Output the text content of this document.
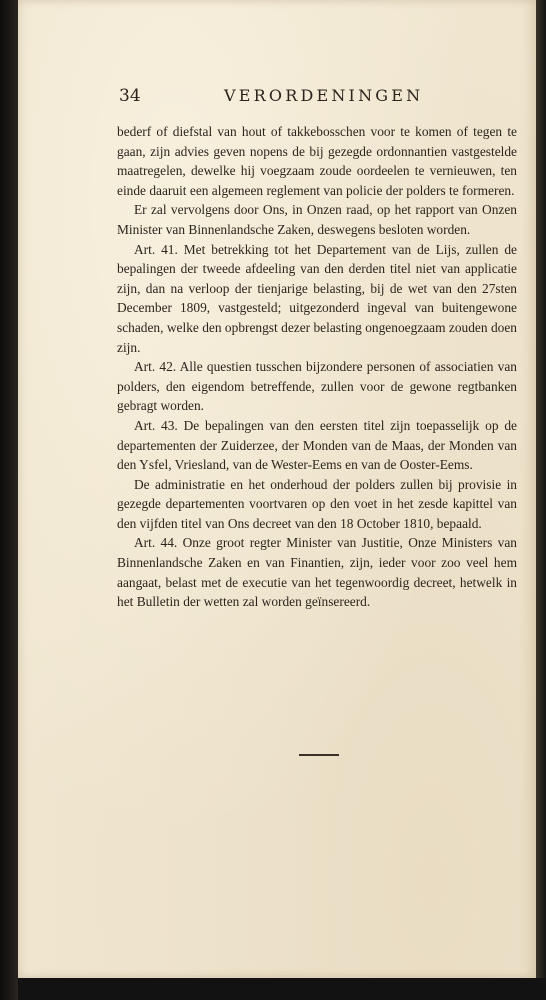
34	VERORDENINGEN

bederf of diefstal van hout of takkebosschen voor te komen of tegen te gaan, zijn advies geven nopens de bij gezegde ordonnantien vastgestelde maatregelen, dewelke hij voegzaam zoude oordeelen te vernieuwen, ten einde daaruit een algemeen reglement van policie der polders te formeren.

Er zal vervolgens door Ons, in Onzen raad, op het rapport van Onzen Minister van Binnenlandsche Zaken, deswegens besloten worden.

Art. 41. Met betrekking tot het Departement van de Lijs, zullen de bepalingen der tweede afdeeling van den derden titel niet van applicatie zijn, dan na verloop der tienjarige belasting, bij de wet van den 27sten December 1809, vastgesteld; uitgezonderd ingeval van buitengewone schaden, welke den opbrengst dezer belasting ongenoegzaam zouden doen zijn.

Art. 42. Alle questien tusschen bijzondere personen of associatien van polders, den eigendom betreffende, zullen voor de gewone regtbanken gebragt worden.

Art. 43. De bepalingen van den eersten titel zijn toepasselijk op de departementen der Zuiderzee, der Monden van de Maas, der Monden van den Ysfel, Vriesland, van de Wester-Eems en van de Ooster-Eems.

De administratie en het onderhoud der polders zullen bij provisie in gezegde departementen voortvaren op den voet in het zesde kapittel van den vijfden titel van Ons decreet van den 18 October 1810, bepaald.

Art. 44. Onze groot regter Minister van Justitie, Onze Ministers van Binnenlandsche Zaken en van Finantien, zijn, ieder voor zoo veel hem aangaat, belast met de executie van het tegenwoordig decreet, hetwelk in het Bulletin der wetten zal worden geïnsereerd.
